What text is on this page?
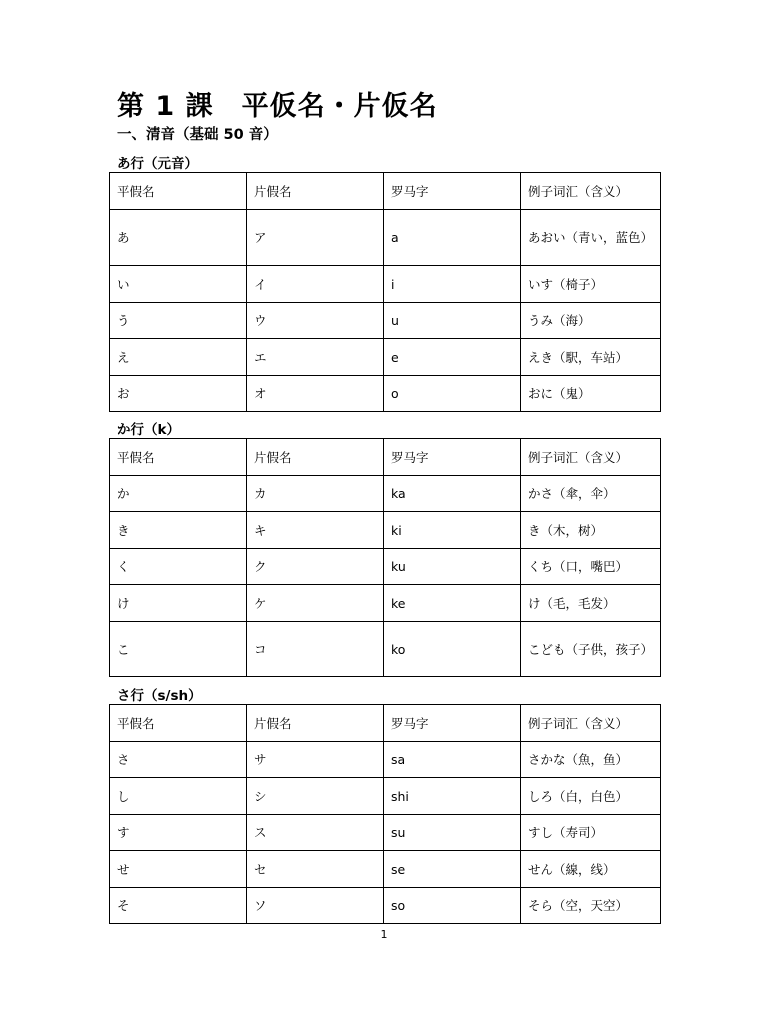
第 1 課　平仮名・片仮名
一、清音（基础 50 音）
あ行（元音）
平假名	片假名	罗马字	例子词汇（含义）
あ	ア	a	あおい（青い，蓝色）
い	イ	i	いす（椅子）
う	ウ	u	うみ（海）
え	エ	e	えき（駅，车站）
お	オ	o	おに（鬼）
か行（k）
平假名	片假名	罗马字	例子词汇（含义）
か	カ	ka	かさ（傘，伞）
き	キ	ki	き（木，树）
く	ク	ku	くち（口，嘴巴）
け	ケ	ke	け（毛，毛发）
こ	コ	ko	こども（子供，孩子）
さ行（s/sh）
平假名	片假名	罗马字	例子词汇（含义）
さ	サ	sa	さかな（魚，鱼）
し	シ	shi	しろ（白，白色）
す	ス	su	すし（寿司）
せ	セ	se	せん（線，线）
そ	ソ	so	そら（空，天空）
1
